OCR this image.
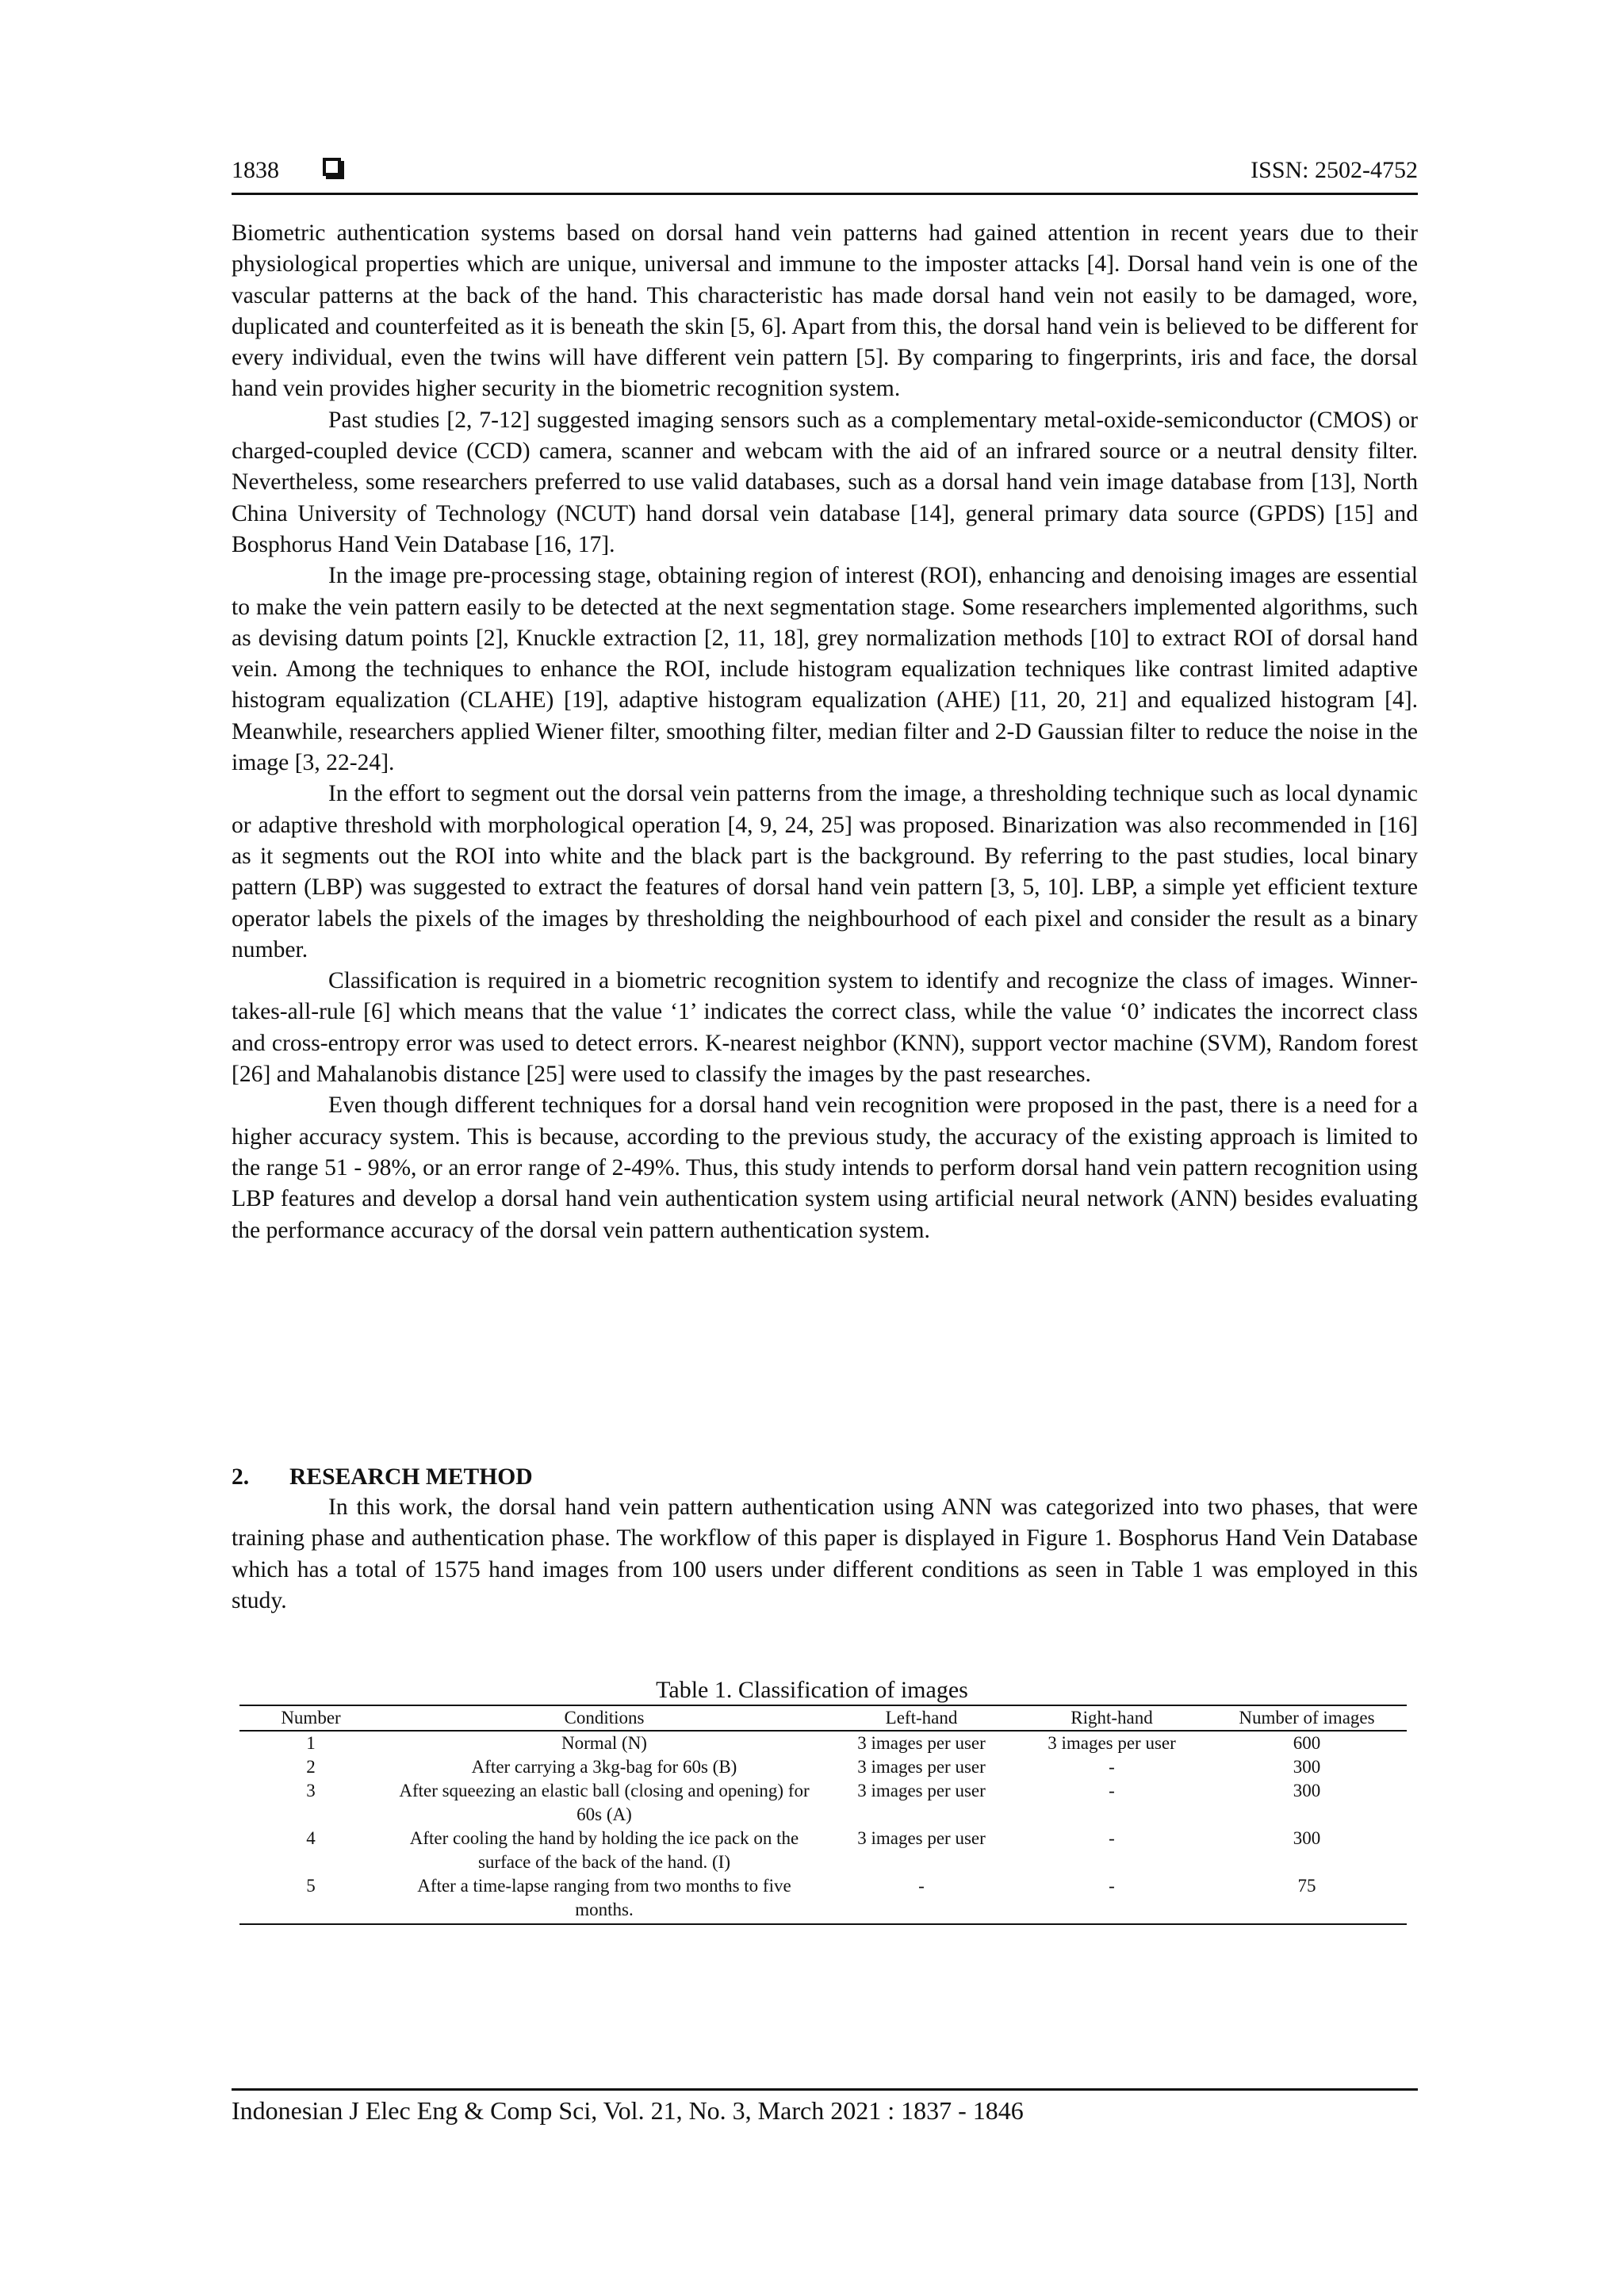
1838	ISSN: 2502-4752

Biometric authentication systems based on dorsal hand vein patterns had gained attention in recent years due to their physiological properties which are unique, universal and immune to the imposter attacks [4]. Dorsal hand vein is one of the vascular patterns at the back of the hand. This characteristic has made dorsal hand vein not easily to be damaged, wore, duplicated and counterfeited as it is beneath the skin [5, 6]. Apart from this, the dorsal hand vein is believed to be different for every individual, even the twins will have different vein pattern [5]. By comparing to fingerprints, iris and face, the dorsal hand vein provides higher security in the biometric recognition system.

Past studies [2, 7-12] suggested imaging sensors such as a complementary metal-oxide-semiconductor (CMOS) or charged-coupled device (CCD) camera, scanner and webcam with the aid of an infrared source or a neutral density filter. Nevertheless, some researchers preferred to use valid databases, such as a dorsal hand vein image database from [13], North China University of Technology (NCUT) hand dorsal vein database [14], general primary data source (GPDS) [15] and Bosphorus Hand Vein Database [16, 17].

In the image pre-processing stage, obtaining region of interest (ROI), enhancing and denoising images are essential to make the vein pattern easily to be detected at the next segmentation stage. Some researchers implemented algorithms, such as devising datum points [2], Knuckle extraction [2, 11, 18], grey normalization methods [10] to extract ROI of dorsal hand vein. Among the techniques to enhance the ROI, include histogram equalization techniques like contrast limited adaptive histogram equalization (CLAHE) [19], adaptive histogram equalization (AHE) [11, 20, 21] and equalized histogram [4]. Meanwhile, researchers applied Wiener filter, smoothing filter, median filter and 2-D Gaussian filter to reduce the noise in the image [3, 22-24].

In the effort to segment out the dorsal vein patterns from the image, a thresholding technique such as local dynamic or adaptive threshold with morphological operation [4, 9, 24, 25] was proposed. Binarization was also recommended in [16] as it segments out the ROI into white and the black part is the background. By referring to the past studies, local binary pattern (LBP) was suggested to extract the features of dorsal hand vein pattern [3, 5, 10]. LBP, a simple yet efficient texture operator labels the pixels of the images by thresholding the neighbourhood of each pixel and consider the result as a binary number.

Classification is required in a biometric recognition system to identify and recognize the class of images. Winner-takes-all-rule [6] which means that the value ‘1’ indicates the correct class, while the value ‘0’ indicates the incorrect class and cross-entropy error was used to detect errors. K-nearest neighbor (KNN), support vector machine (SVM), Random forest [26] and Mahalanobis distance [25] were used to classify the images by the past researches.

Even though different techniques for a dorsal hand vein recognition were proposed in the past, there is a need for a higher accuracy system. This is because, according to the previous study, the accuracy of the existing approach is limited to the range 51 - 98%, or an error range of 2-49%. Thus, this study intends to perform dorsal hand vein pattern recognition using LBP features and develop a dorsal hand vein authentication system using artificial neural network (ANN) besides evaluating the performance accuracy of the dorsal vein pattern authentication system.

2. RESEARCH METHOD

In this work, the dorsal hand vein pattern authentication using ANN was categorized into two phases, that were training phase and authentication phase. The workflow of this paper is displayed in Figure 1. Bosphorus Hand Vein Database which has a total of 1575 hand images from 100 users under different conditions as seen in Table 1 was employed in this study.

Table 1. Classification of images
Number	Conditions	Left-hand	Right-hand	Number of images
1	Normal (N)	3 images per user	3 images per user	600
2	After carrying a 3kg-bag for 60s (B)	3 images per user	-	300
3	After squeezing an elastic ball (closing and opening) for 60s (A)	3 images per user	-	300
4	After cooling the hand by holding the ice pack on the surface of the back of the hand. (I)	3 images per user	-	300
5	After a time-lapse ranging from two months to five months.	-	-	75
Indonesian J Elec Eng & Comp Sci, Vol. 21, No. 3, March 2021 : 1837 - 1846
